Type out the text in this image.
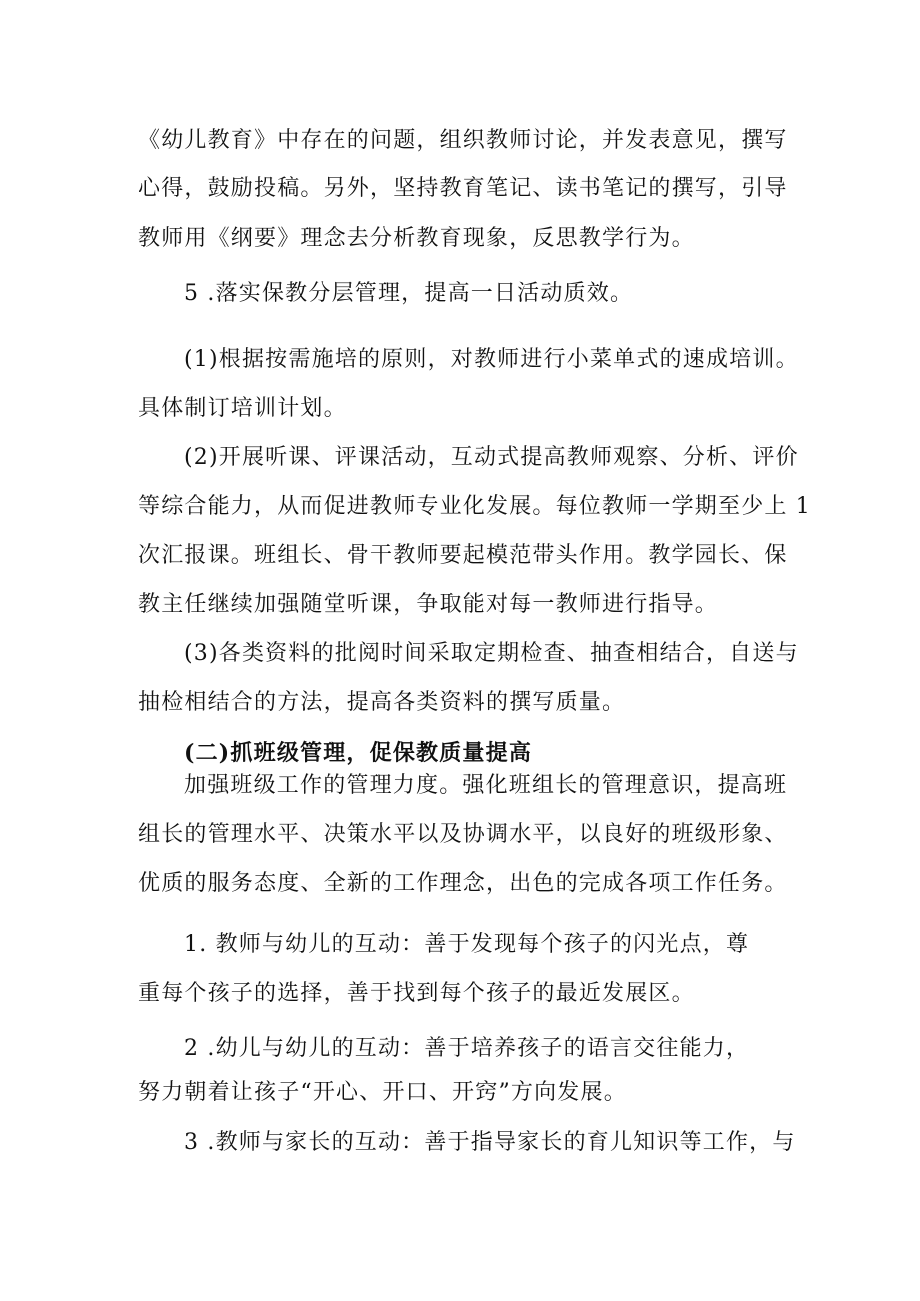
《幼儿教育》中存在的问题，组织教师讨论，并发表意见，撰写
心得，鼓励投稿。另外，坚持教育笔记、读书笔记的撰写，引导
教师用《纲要》理念去分析教育现象，反思教学行为。
5 .落实保教分层管理，提高一日活动质效。
(1)根据按需施培的原则，对教师进行小菜单式的速成培训。
具体制订培训计划。
(2)开展听课、评课活动，互动式提高教师观察、分析、评价
等综合能力，从而促进教师专业化发展。每位教师一学期至少上 1
次汇报课。班组长、骨干教师要起模范带头作用。教学园长、保
教主任继续加强随堂听课，争取能对每一教师进行指导。
(3)各类资料的批阅时间采取定期检查、抽查相结合，自送与
抽检相结合的方法，提高各类资料的撰写质量。
(二)抓班级管理，促保教质量提高
加强班级工作的管理力度。强化班组长的管理意识，提高班
组长的管理水平、决策水平以及协调水平，以良好的班级形象、
优质的服务态度、全新的工作理念，出色的完成各项工作任务。
1. 教师与幼儿的互动：善于发现每个孩子的闪光点，尊
重每个孩子的选择，善于找到每个孩子的最近发展区。
2 .幼儿与幼儿的互动：善于培养孩子的语言交往能力，
努力朝着让孩子“开心、开口、开窍”方向发展。
3 .教师与家长的互动：善于指导家长的育儿知识等工作，与
